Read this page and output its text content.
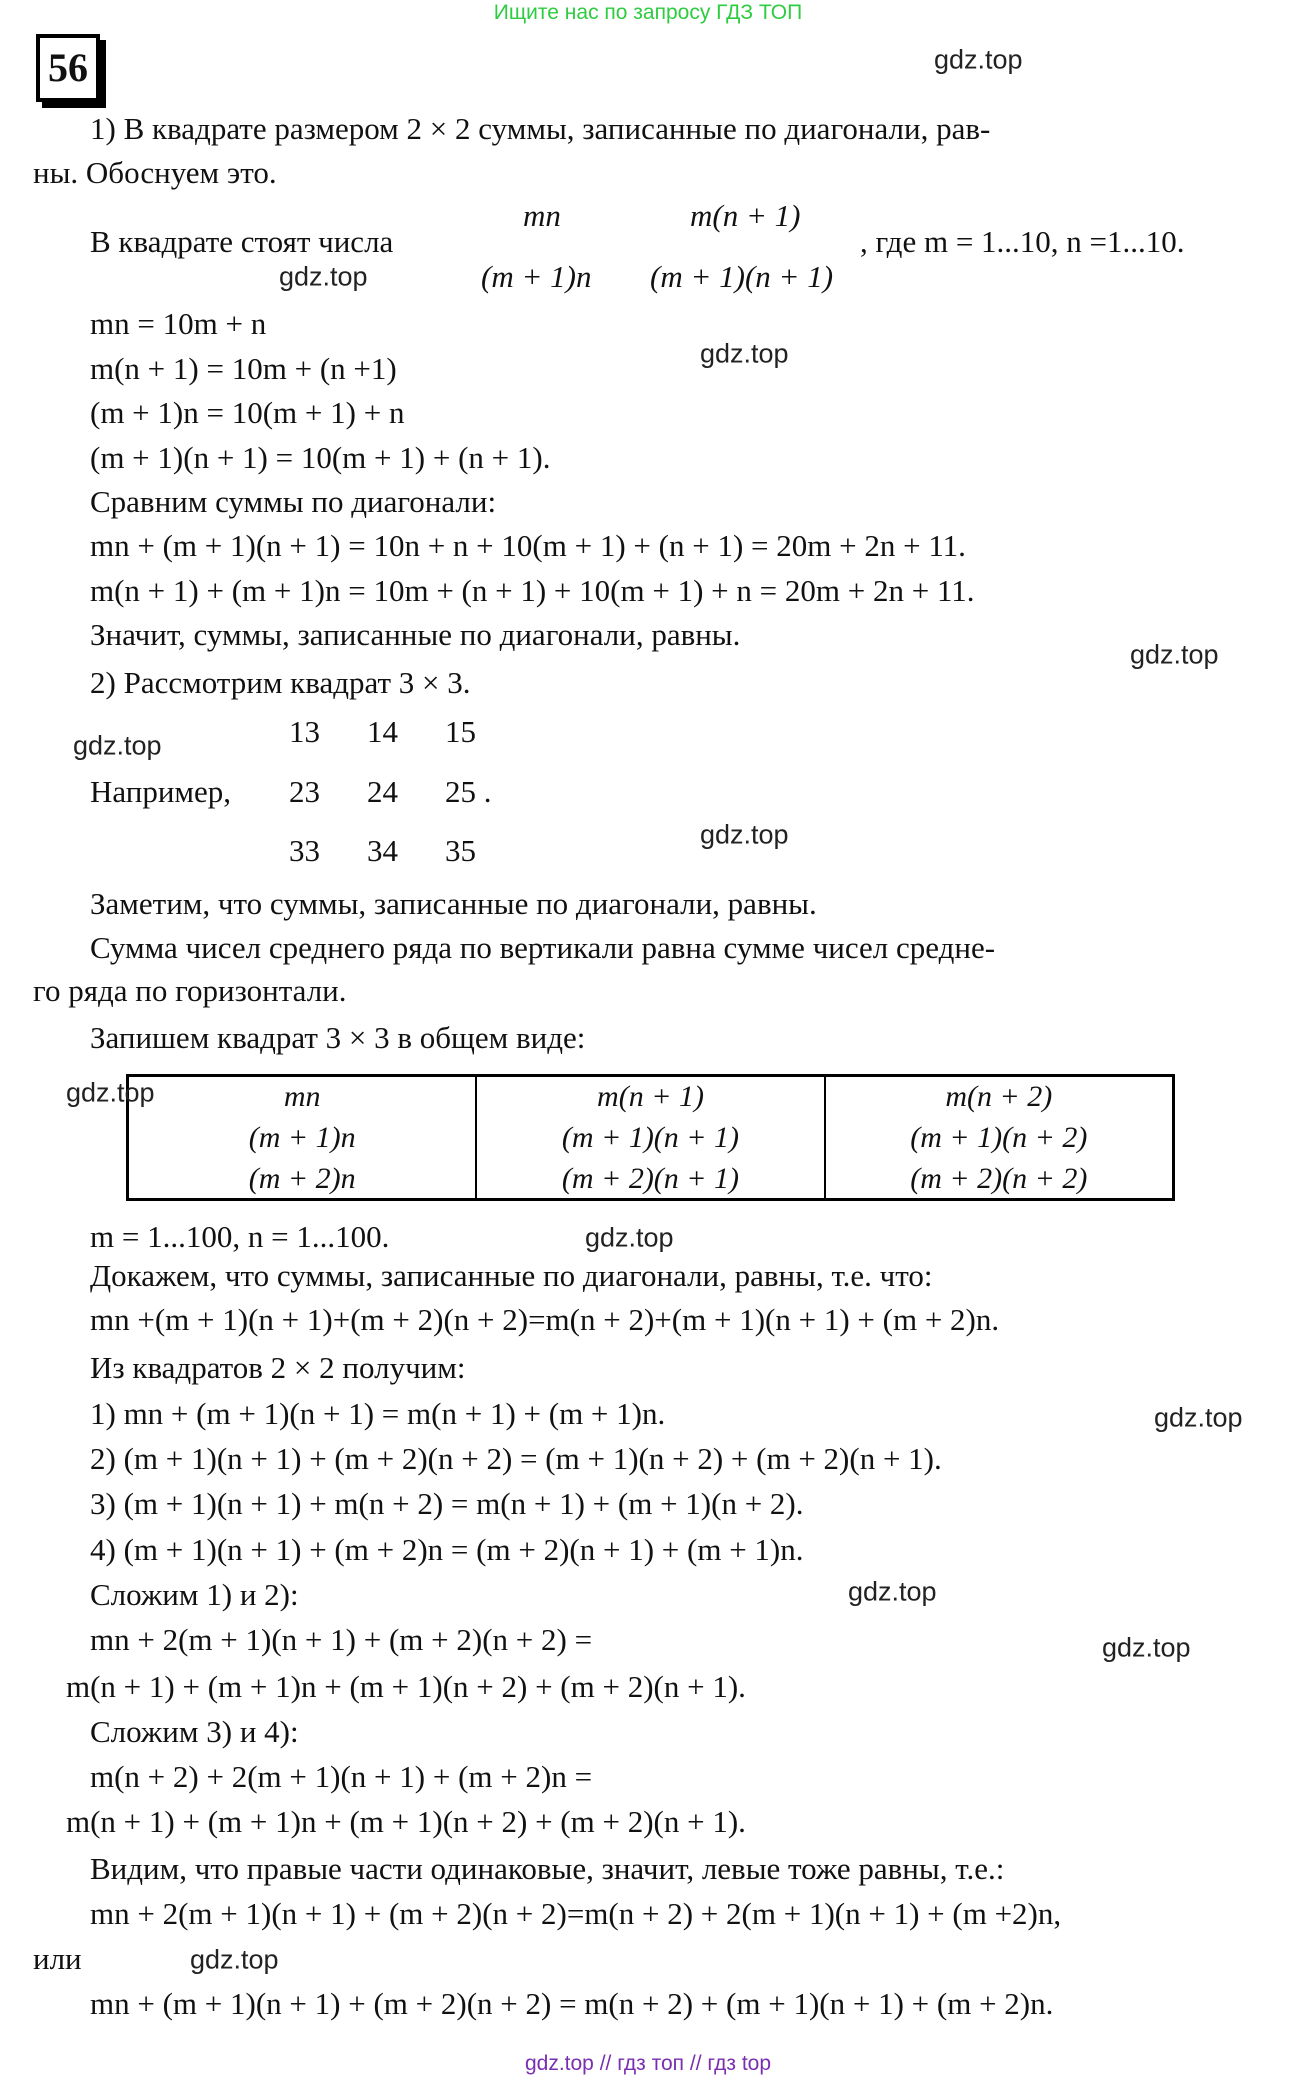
Ищите нас по запросу ГДЗ ТОП
56	gdz.top
gdz.top
gdz.top
gdz.top
gdz.top
gdz.top
gdz.top
gdz.top
gdz.top
gdz.top
gdz.top
1) В квадрате размером 2 × 2 суммы, записанные по диагонали, рав-
ны. Обоснуем это.
В квадрате стоят числа
mn	m(n + 1)
(m + 1)n (m + 1)(n + 1)
, где m = 1...10, n =1...10.
mn = 10m + n
m(n + 1) = 10m + (n +1)
(m + 1)n = 10(m + 1) + n
(m + 1)(n + 1) = 10(m + 1) + (n + 1).
Сравним суммы по диагонали:
mn + (m + 1)(n + 1) = 10n + n + 10(m + 1) + (n + 1) = 20m + 2n + 11.
m(n + 1) + (m + 1)n = 10m + (n + 1) + 10(m + 1) + n = 20m + 2n + 11.
Значит, суммы, записанные по диагонали, равны.
2) Рассмотрим квадрат 3 × 3.
Например,
13 14 15
23 24 25 .
33 34 35
Заметим, что суммы, записанные по диагонали, равны.
Сумма чисел среднего ряда по вертикали равна сумме чисел средне-
го ряда по горизонтали.
Запишем квадрат 3 × 3 в общем виде:
mn
(m + 1)n
(m + 2)n
m(n + 1)
(m + 1)(n + 1)
(m + 2)(n + 1)
m(n + 2)
(m + 1)(n + 2)
(m + 2)(n + 2)
gdz.top
m = 1...100, n = 1...100.
Докажем, что суммы, записанные по диагонали, равны, т.е. что:
mn +(m + 1)(n + 1)+(m + 2)(n + 2)=m(n + 2)+(m + 1)(n + 1) + (m + 2)n.
Из квадратов 2 × 2 получим:
1) mn + (m + 1)(n + 1) = m(n + 1) + (m + 1)n.
2) (m + 1)(n + 1) + (m + 2)(n + 2) = (m + 1)(n + 2) + (m + 2)(n + 1).
3) (m + 1)(n + 1) + m(n + 2) = m(n + 1) + (m + 1)(n + 2).
4) (m + 1)(n + 1) + (m + 2)n = (m + 2)(n + 1) + (m + 1)n.
Сложим 1) и 2):
mn + 2(m + 1)(n + 1) + (m + 2)(n + 2) =
m(n + 1) + (m + 1)n + (m + 1)(n + 2) + (m + 2)(n + 1).
Сложим 3) и 4):
m(n + 2) + 2(m + 1)(n + 1) + (m + 2)n =
m(n + 1) + (m + 1)n + (m + 1)(n + 2) + (m + 2)(n + 1).
Видим, что правые части одинаковые, значит, левые тоже равны, т.е.:
mn + 2(m + 1)(n + 1) + (m + 2)(n + 2)=m(n + 2) + 2(m + 1)(n + 1) + (m +2)n,
или
mn + (m + 1)(n + 1) + (m + 2)(n + 2) = m(n + 2) + (m + 1)(n + 1) + (m + 2)n.
gdz.top // гдз топ // гдз top
